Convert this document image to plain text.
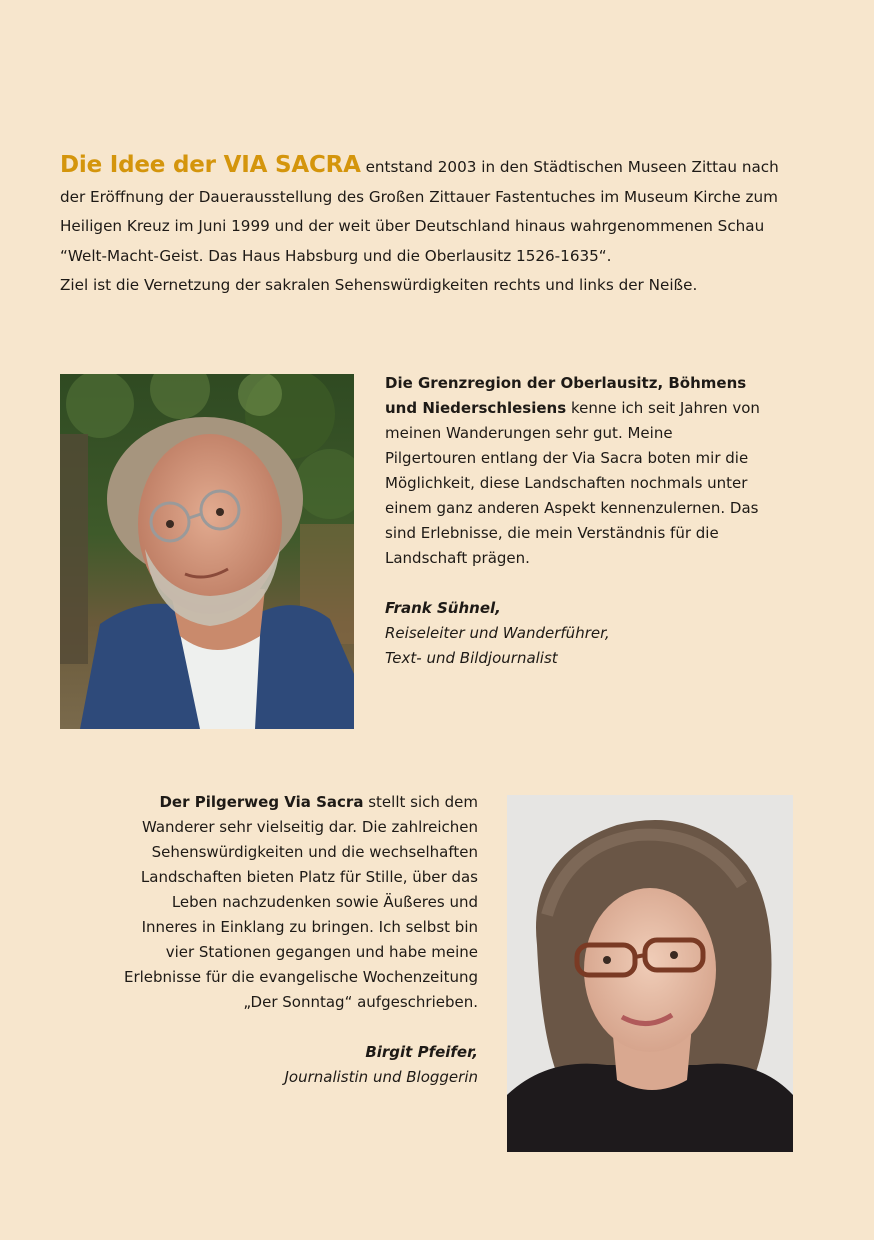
Die Idee der VIA SACRA entstand 2003 in den Städtischen Museen Zittau nach der Eröffnung der Dauerausstellung des Großen Zittauer Fastentuches im Museum Kirche zum Heiligen Kreuz im Juni 1999 und der weit über Deutschland hinaus wahrgenommenen Schau “Welt-Macht-Geist. Das Haus Habsburg und die Oberlausitz 1526-1635“.

Ziel ist die Vernetzung der sakralen Sehenswürdigkeiten rechts und links der Neiße.

Die Grenzregion der Oberlausitz, Böhmens und Niederschlesiens kenne ich seit Jahren von meinen Wanderungen sehr gut. Meine Pilgertouren entlang der Via Sacra boten mir die Möglichkeit, diese Landschaften nochmals unter einem ganz anderen Aspekt kennenzulernen. Das sind Erlebnisse, die mein Verständnis für die Landschaft prägen.

Frank Sühnel,

Reiseleiter und Wanderführer,

Text- und Bildjournalist

Der Pilgerweg Via Sacra stellt sich dem Wanderer sehr vielseitig dar. Die zahlreichen Sehenswürdigkeiten und die wechselhaften Landschaften bieten Platz für Stille, über das Leben nachzudenken sowie Äußeres und Inneres in Einklang zu bringen. Ich selbst bin vier Stationen gegangen und habe meine Erlebnisse für die evangelische Wochenzeitung „Der Sonntag“ aufgeschrieben.

Birgit Pfeifer,

Journalistin und Bloggerin
